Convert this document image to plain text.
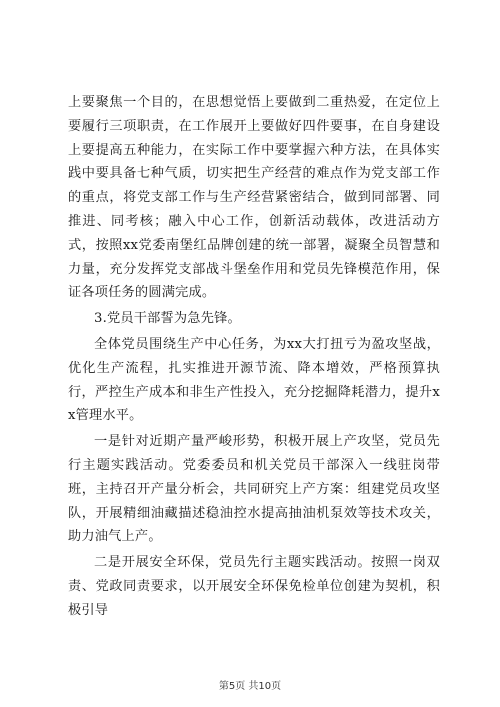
上要聚焦一个目的，在思想觉悟上要做到二重热爱，在定位上要履行三项职责，在工作展开上要做好四件要事，在自身建设上要提高五种能力，在实际工作中要掌握六种方法，在具体实践中要具备七种气质，切实把生产经营的难点作为党支部工作的重点，将党支部工作与生产经营紧密结合，做到同部署、同推进、同考核；融入中心工作，创新活动载体，改进活动方式，按照xx党委南堡红品牌创建的统一部署，凝聚全员智慧和力量，充分发挥党支部战斗堡垒作用和党员先锋模范作用，保证各项任务的圆满完成。

3.党员干部誓为急先锋。

全体党员围绕生产中心任务，为xx大打扭亏为盈攻坚战，优化生产流程，扎实推进开源节流、降本增效，严格预算执行，严控生产成本和非生产性投入，充分挖掘降耗潜力，提升xx管理水平。

一是针对近期产量严峻形势，积极开展上产攻坚，党员先行主题实践活动。党委委员和机关党员干部深入一线驻岗带班，主持召开产量分析会，共同研究上产方案：组建党员攻坚队，开展精细油藏描述稳油控水提高抽油机泵效等技术攻关，助力油气上产。

二是开展安全环保，党员先行主题实践活动。按照一岗双责、党政同责要求，以开展安全环保免检单位创建为契机，积极引导

第5页 共10页
